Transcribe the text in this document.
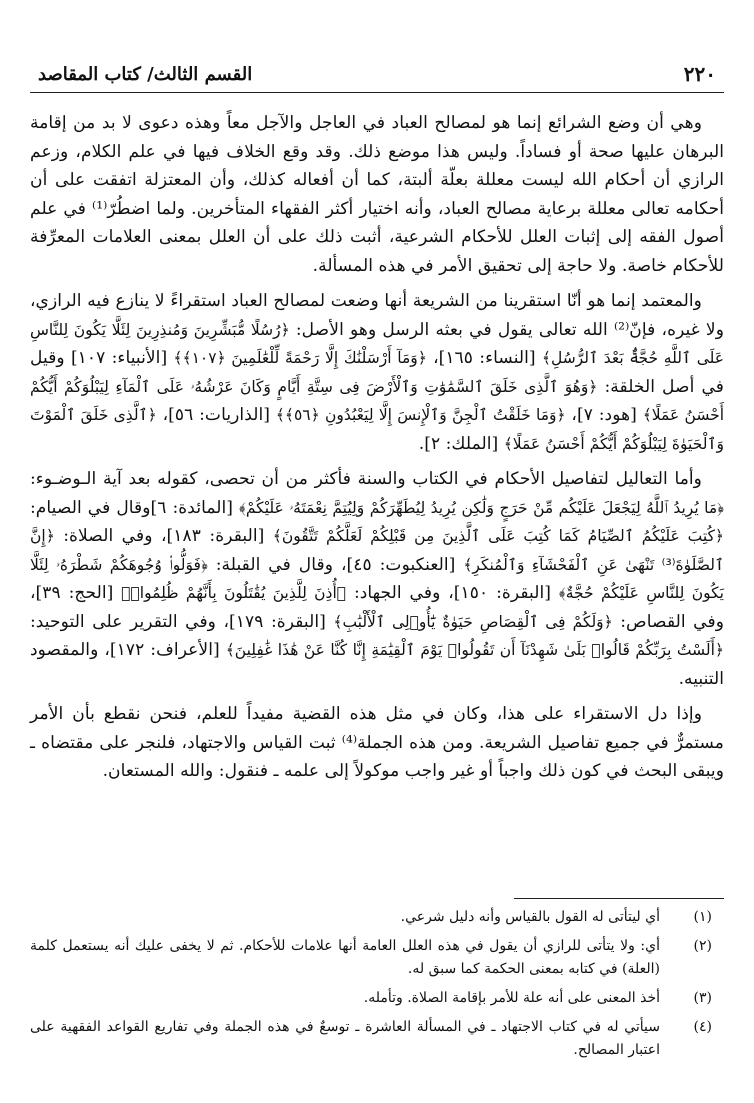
٢٢٠
القسم الثالث/ كتاب المقاصد

وهي أن وضع الشرائع إنما هو لمصالح العباد في العاجل والآجل معاً وهذه دعوى لا بد من إقامة البرهان عليها صحة أو فساداً. وليس هذا موضع ذلك. وقد وقع الخلاف فيها في علم الكلام، وزعم الرازي أن أحكام الله ليست معللة بعلّة ألبتة، كما أن أفعاله كذلك، وأن المعتزلة اتفقت على أن أحكامه تعالى معللة برعاية مصالح العباد، وأنه اختيار أكثر الفقهاء المتأخرين. ولما اضطُرّ⁽¹⁾ في علم أصول الفقه إلى إثبات العلل للأحكام الشرعية، أثبت ذلك على أن العلل بمعنى العلامات المعرِّفة للأحكام خاصة. ولا حاجة إلى تحقيق الأمر في هذه المسألة.

والمعتمد إنما هو أنّا استقرينا من الشريعة أنها وضعت لمصالح العباد استقراءً لا ينازع فيه الرازي، ولا غيره، فإنّ⁽²⁾ الله تعالى يقول في بعثه الرسل وهو الأصل: ﴿رُسُلًا مُّبَشِّرِينَ وَمُنذِرِينَ لِئَلَّا يَكُونَ لِلنَّاسِ عَلَى ٱللَّهِ حُجَّةٌۢ بَعْدَ ٱلرُّسُلِ﴾ [النساء: ١٦٥]، ﴿وَمَآ أَرْسَلْنَٰكَ إِلَّا رَحْمَةً لِّلْعَٰلَمِينَ ﴿١٠٧﴾﴾ [الأنبياء: ١٠٧] وقيل في أصل الخلقة: ﴿وَهُوَ ٱلَّذِى خَلَقَ ٱلسَّمَٰوَٰتِ وَٱلْأَرْضَ فِى سِتَّةِ أَيَّامٍ وَكَانَ عَرْشُهُۥ عَلَى ٱلْمَآءِ لِيَبْلُوَكُمْ أَيُّكُمْ أَحْسَنُ عَمَلًا﴾ [هود: ٧]، ﴿وَمَا خَلَقْتُ ٱلْجِنَّ وَٱلْإِنسَ إِلَّا لِيَعْبُدُونِ ﴿٥٦﴾﴾ [الذاريات: ٥٦]، ﴿ٱلَّذِى خَلَقَ ٱلْمَوْتَ وَٱلْحَيَوٰةَ لِيَبْلُوَكُمْ أَيُّكُمْ أَحْسَنُ عَمَلًا﴾ [الملك: ٢].

وأما التعاليل لتفاصيل الأحكام في الكتاب والسنة فأكثر من أن تحصى، كقوله بعد آية الـوضـوء: ﴿مَا يُرِيدُ ٱللَّهُ لِيَجْعَلَ عَلَيْكُم مِّنْ حَرَجٍ وَلَٰكِن يُرِيدُ لِيُطَهِّرَكُمْ وَلِيُتِمَّ نِعْمَتَهُۥ عَلَيْكُمْ﴾ [المائدة: ٦]وقال في الصيام: ﴿كُتِبَ عَلَيْكُمُ ٱلصِّيَامُ كَمَا كُتِبَ عَلَى ٱلَّذِينَ مِن قَبْلِكُمْ لَعَلَّكُمْ تَتَّقُونَ﴾ [البقرة: ١٨٣]، وفي الصلاة: ﴿إِنَّ ٱلصَّلَوٰةَ⁽³⁾ تَنْهَىٰ عَنِ ٱلْفَحْشَآءِ وَٱلْمُنكَرِ﴾ [العنكبوت: ٤٥]، وقال في القبلة: ﴿فَوَلُّوا۟ وُجُوهَكُمْ شَطْرَهُۥ لِئَلَّا يَكُونَ لِلنَّاسِ عَلَيْكُمْ حُجَّةٌ﴾ [البقرة: ١٥٠]، وفي الجهاد: ﴿أُذِنَ لِلَّذِينَ يُقَٰتَلُونَ بِأَنَّهُمْ ظُلِمُوا۟﴾ [الحج: ٣٩]، وفي القصاص: ﴿وَلَكُمْ فِى ٱلْقِصَاصِ حَيَوٰةٌ يَٰٓأُو۟لِى ٱلْأَلْبَٰبِ﴾ [البقرة: ١٧٩]، وفي التقرير على التوحيد: ﴿أَلَسْتُ بِرَبِّكُمْ قَالُوا۟ بَلَىٰ شَهِدْنَآ أَن تَقُولُوا۟ يَوْمَ ٱلْقِيَٰمَةِ إِنَّا كُنَّا عَنْ هَٰذَا غَٰفِلِينَ﴾ [الأعراف: ١٧٢]، والمقصود التنبيه.

وإذا دل الاستقراء على هذا، وكان في مثل هذه القضية مفيداً للعلم، فنحن نقطع بأن الأمر مستمرٌّ في جميع تفاصيل الشريعة. ومن هذه الجملة⁽⁴⁾ ثبت القياس والاجتهاد، فلنجر على مقتضاه ـ ويبقى البحث في كون ذلك واجباً أو غير واجب موكولاً إلى علمه ـ فنقول: والله المستعان.

(١)
أي ليتأتى له القول بالقياس وأنه دليل شرعي.
(٢)
أي: ولا يتأتى للرازي أن يقول في هذه العلل العامة أنها علامات للأحكام. ثم لا يخفى عليك أنه يستعمل كلمة (العلة) في كتابه بمعنى الحكمة كما سبق له.
(٣)
أخذ المعنى على أنه علة للأمر بإقامة الصلاة. وتأمله.
(٤)
سيأتي له في كتاب الاجتهاد ـ في المسألة العاشرة ـ توسعٌ في هذه الجملة وفي تفاريع القواعد الفقهية على اعتبار المصالح.
